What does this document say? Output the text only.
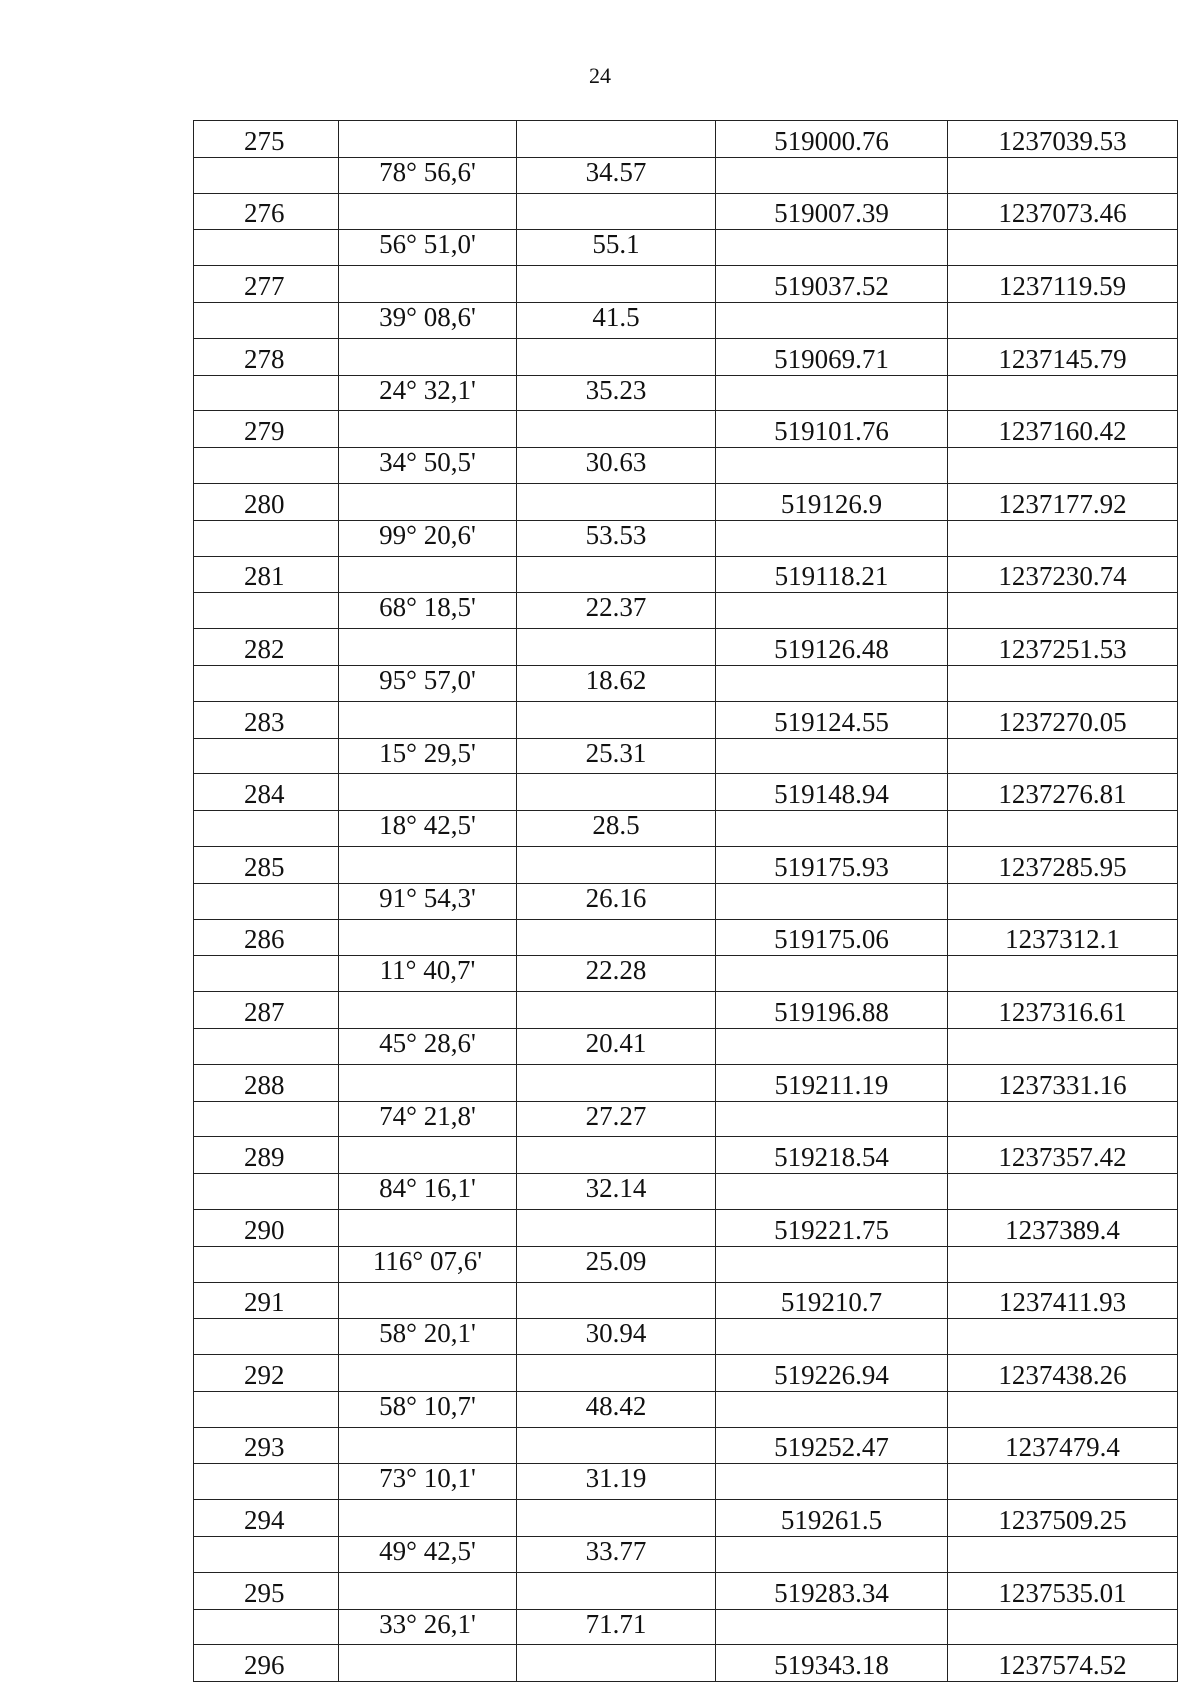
24
275			519000.76	1237039.53
	78° 56,6'	34.57		
276			519007.39	1237073.46
	56° 51,0'	55.1		
277			519037.52	1237119.59
	39° 08,6'	41.5		
278			519069.71	1237145.79
	24° 32,1'	35.23		
279			519101.76	1237160.42
	34° 50,5'	30.63		
280			519126.9	1237177.92
	99° 20,6'	53.53		
281			519118.21	1237230.74
	68° 18,5'	22.37		
282			519126.48	1237251.53
	95° 57,0'	18.62		
283			519124.55	1237270.05
	15° 29,5'	25.31		
284			519148.94	1237276.81
	18° 42,5'	28.5		
285			519175.93	1237285.95
	91° 54,3'	26.16		
286			519175.06	1237312.1
	11° 40,7'	22.28		
287			519196.88	1237316.61
	45° 28,6'	20.41		
288			519211.19	1237331.16
	74° 21,8'	27.27		
289			519218.54	1237357.42
	84° 16,1'	32.14		
290			519221.75	1237389.4
	116° 07,6'	25.09		
291			519210.7	1237411.93
	58° 20,1'	30.94		
292			519226.94	1237438.26
	58° 10,7'	48.42		
293			519252.47	1237479.4
	73° 10,1'	31.19		
294			519261.5	1237509.25
	49° 42,5'	33.77		
295			519283.34	1237535.01
	33° 26,1'	71.71		
296			519343.18	1237574.52
